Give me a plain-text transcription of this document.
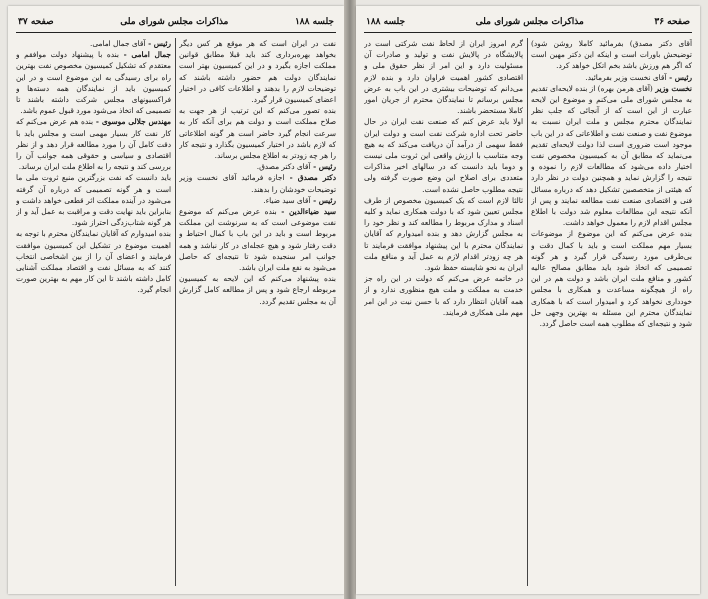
جلسه ۱۸۸
مذاکرات مجلس شورای ملی
صفحه ۳۷

نفت در ایران است که هر موقع هر کس دیگر بخواهد بهره‌برداری کند باید قبلا مطابق قوانین مملکت اجازه بگیرد و در این کمیسیون بهتر است نمایندگان دولت هم حضور داشته باشند که توضیحات لازم را بدهند و اطلاعات کافی در اختیار اعضای کمیسیون قرار گیرد.

بنده تصور می‌کنم که این ترتیب از هر جهت به صلاح مملکت است و دولت هم برای آنکه کار به سرعت انجام گیرد حاضر است هر گونه اطلاعاتی که لازم باشد در اختیار کمیسیون بگذارد و نتیجه کار را هر چه زودتر به اطلاع مجلس برساند.

رئیس - آقای دکتر مصدق.

دکتر مصدق - اجازه فرمائید آقای نخست وزیر توضیحات خودشان را بدهند.

رئیس - آقای سید ضیاء.

سید ضیاءالدین - بنده عرض می‌کنم که موضوع نفت موضوعی است که به سرنوشت این مملکت مربوط است و باید در این باب با کمال احتیاط و دقت رفتار شود و هیچ عجله‌ای در کار نباشد و همه جوانب امر سنجیده شود تا نتیجه‌ای که حاصل می‌شود به نفع ملت ایران باشد.

بنده پیشنهاد می‌کنم که این لایحه به کمیسیون مربوطه ارجاع شود و پس از مطالعه کامل گزارش آن به مجلس تقدیم گردد.

رئیس - آقای جمال امامی.

جمال امامی - بنده با پیشنهاد دولت موافقم و معتقدم که تشکیل کمیسیون مخصوص نفت بهترین راه برای رسیدگی به این موضوع است و در این کمیسیون باید از نمایندگان همه دسته‌ها و فراکسیونهای مجلس شرکت داشته باشند تا تصمیمی که اتخاذ می‌شود مورد قبول عموم باشد.

مهندس جلالی موسوی - بنده هم عرض می‌کنم که کار نفت کار بسیار مهمی است و مجلس باید با دقت کامل آن را مورد مطالعه قرار دهد و از نظر اقتصادی و سیاسی و حقوقی همه جوانب آن را بررسی کند و نتیجه را به اطلاع ملت ایران برساند.

باید دانست که نفت بزرگترین منبع ثروت ملی ما است و هر گونه تصمیمی که درباره آن گرفته می‌شود در آینده مملکت اثر قطعی خواهد داشت و بنابراین باید نهایت دقت و مراقبت به عمل آید و از هر گونه شتاب‌زدگی احتراز شود.

بنده امیدوارم که آقایان نمایندگان محترم با توجه به اهمیت موضوع در تشکیل این کمیسیون موافقت فرمایند و اعضای آن را از بین اشخاصی انتخاب کنند که به مسائل نفت و اقتصاد مملکت آشنایی کامل داشته باشند تا این کار مهم به بهترین صورت انجام گیرد.

صفحه ۳۶
مذاکرات مجلس شورای ملی
جلسه ۱۸۸

آقای دکتر مصدق) بفرمائید کاملا روشن شود) توضیحش باورات است و اینکه این دکتر مهین است که اگر هم ورزش باشد بخم اتکل خواهد کرد.

رئیس - آقای نخست وزیر بفرمائید.

نخست وزیر (آقای هرمن بهره) از بنده لایحه‌ای تقدیم به مجلس شورای ملی می‌کنم و موضوع این لایحه عبارت از این است که از آنجائی که جلب نظر نمایندگان محترم مجلس و ملت ایران نسبت به موضوع نفت و صنعت نفت و اطلاعاتی که در این باب موجود است ضروری است لذا دولت لایحه‌ای تقدیم می‌نماید که مطابق آن به کمیسیون مخصوص نفت اختیار داده می‌شود که مطالعات لازم را نموده و نتیجه را گزارش نماید و همچنین دولت در نظر دارد که هیئتی از متخصصین تشکیل دهد که درباره مسائل فنی و اقتصادی صنعت نفت مطالعه نمایند و پس از آنکه نتیجه این مطالعات معلوم شد دولت با اطلاع مجلس اقدام لازم را معمول خواهد داشت.

بنده عرض می‌کنم که این موضوع از موضوعات بسیار مهم مملکت است و باید با کمال دقت و بی‌طرفی مورد رسیدگی قرار گیرد و هر گونه تصمیمی که اتخاذ شود باید مطابق مصالح عالیه کشور و منافع ملت ایران باشد و دولت هم در این راه از هیچگونه مساعدت و همکاری با مجلس خودداری نخواهد کرد و امیدوار است که با همکاری نمایندگان محترم این مسئله به بهترین وجهی حل شود و نتیجه‌ای که مطلوب همه است حاصل گردد.

گرم امروز ایران از لحاظ نفت شرکتی است در پالایشگاه در پالایش نفت و تولید و صادرات آن مسئولیت دارد و این امر از نظر حقوق ملی و اقتصادی کشور اهمیت فراوان دارد و بنده لازم می‌دانم که توضیحات بیشتری در این باب به عرض مجلس برسانم تا نمایندگان محترم از جریان امور کاملا مستحضر باشند.

اولا باید عرض کنم که صنعت نفت ایران در حال حاضر تحت اداره شرکت نفت است و دولت ایران فقط سهمی از درآمد آن دریافت می‌کند که به هیچ وجه متناسب با ارزش واقعی این ثروت ملی نیست و دوما باید دانست که در سالهای اخیر مذاکرات متعددی برای اصلاح این وضع صورت گرفته ولی نتیجه مطلوب حاصل نشده است.

ثالثا لازم است که یک کمیسیون مخصوص از طرف مجلس تعیین شود که با دولت همکاری نماید و کلیه اسناد و مدارک مربوط را مطالعه کند و نظر خود را به مجلس گزارش دهد و بنده امیدوارم که آقایان نمایندگان محترم با این پیشنهاد موافقت فرمایند تا هر چه زودتر اقدام لازم به عمل آید و منافع ملت ایران به نحو شایسته حفظ شود.

در خاتمه عرض می‌کنم که دولت در این راه جز خدمت به مملکت و ملت هیچ منظوری ندارد و از همه آقایان انتظار دارد که با حسن نیت در این امر مهم ملی همکاری فرمایند.
